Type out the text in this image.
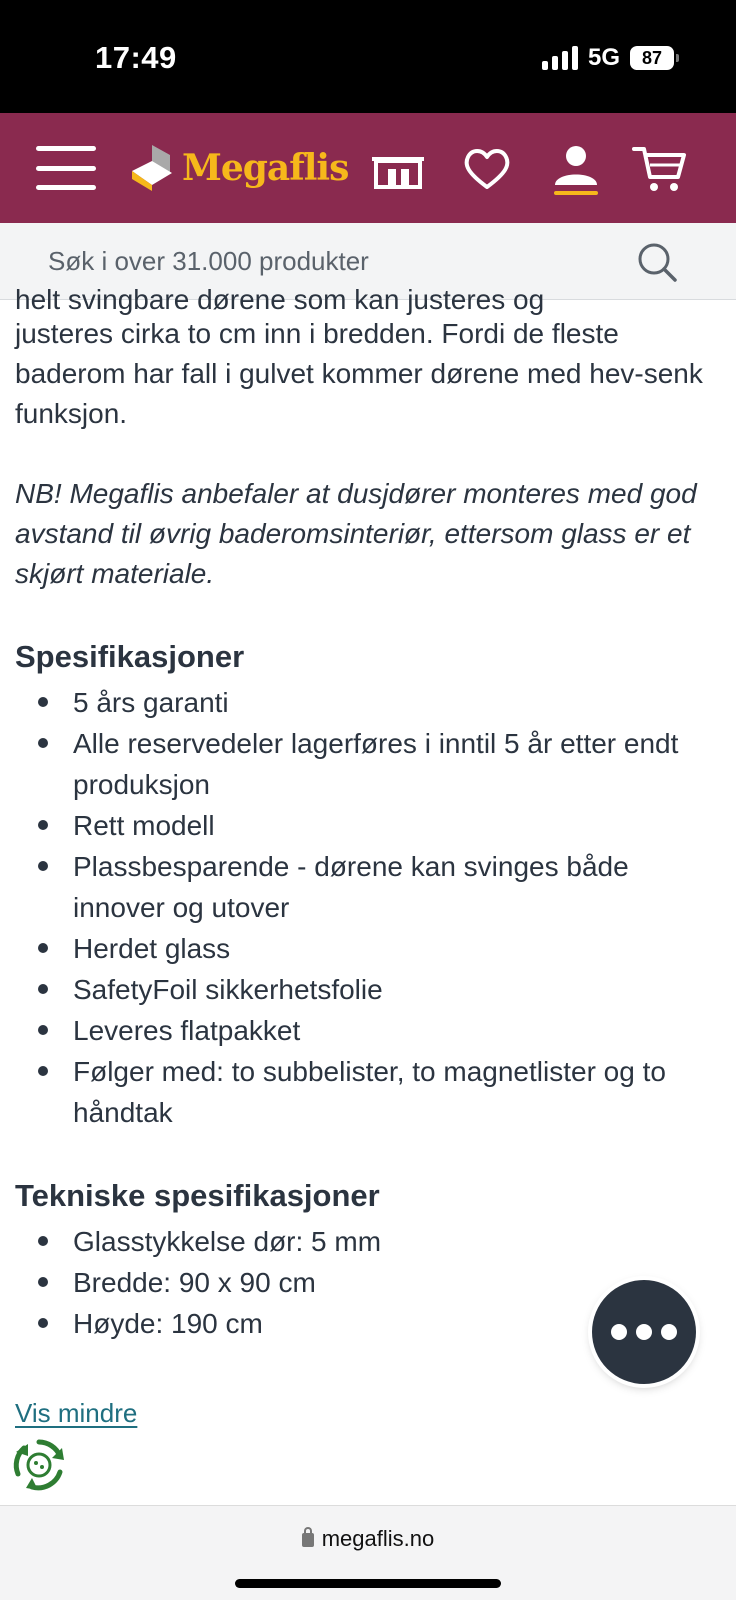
17:49	5G 87
Megaflis
Søk i over 31.000 produkter
helt svingbare dørene som kan justeres og

justeres cirka to cm inn i bredden. Fordi de fleste baderom har fall i gulvet kommer dørene med hev-senk funksjon.

NB! Megaflis anbefaler at dusjdører monteres med god avstand til øvrig baderomsinteriør, ettersom glass er et skjørt materiale.

Spesifikasjoner
5 års garanti
Alle reservedeler lagerføres i inntil 5 år etter endt produksjon
Rett modell
Plassbesparende - dørene kan svinges både innover og utover
Herdet glass
SafetyFoil sikkerhetsfolie
Leveres flatpakket
Følger med: to subbelister, to magnetlister og to håndtak
Tekniske spesifikasjoner
Glasstykkelse dør: 5 mm
Bredde: 90 x 90 cm
Høyde: 190 cm
Vis mindre
megaflis.no
